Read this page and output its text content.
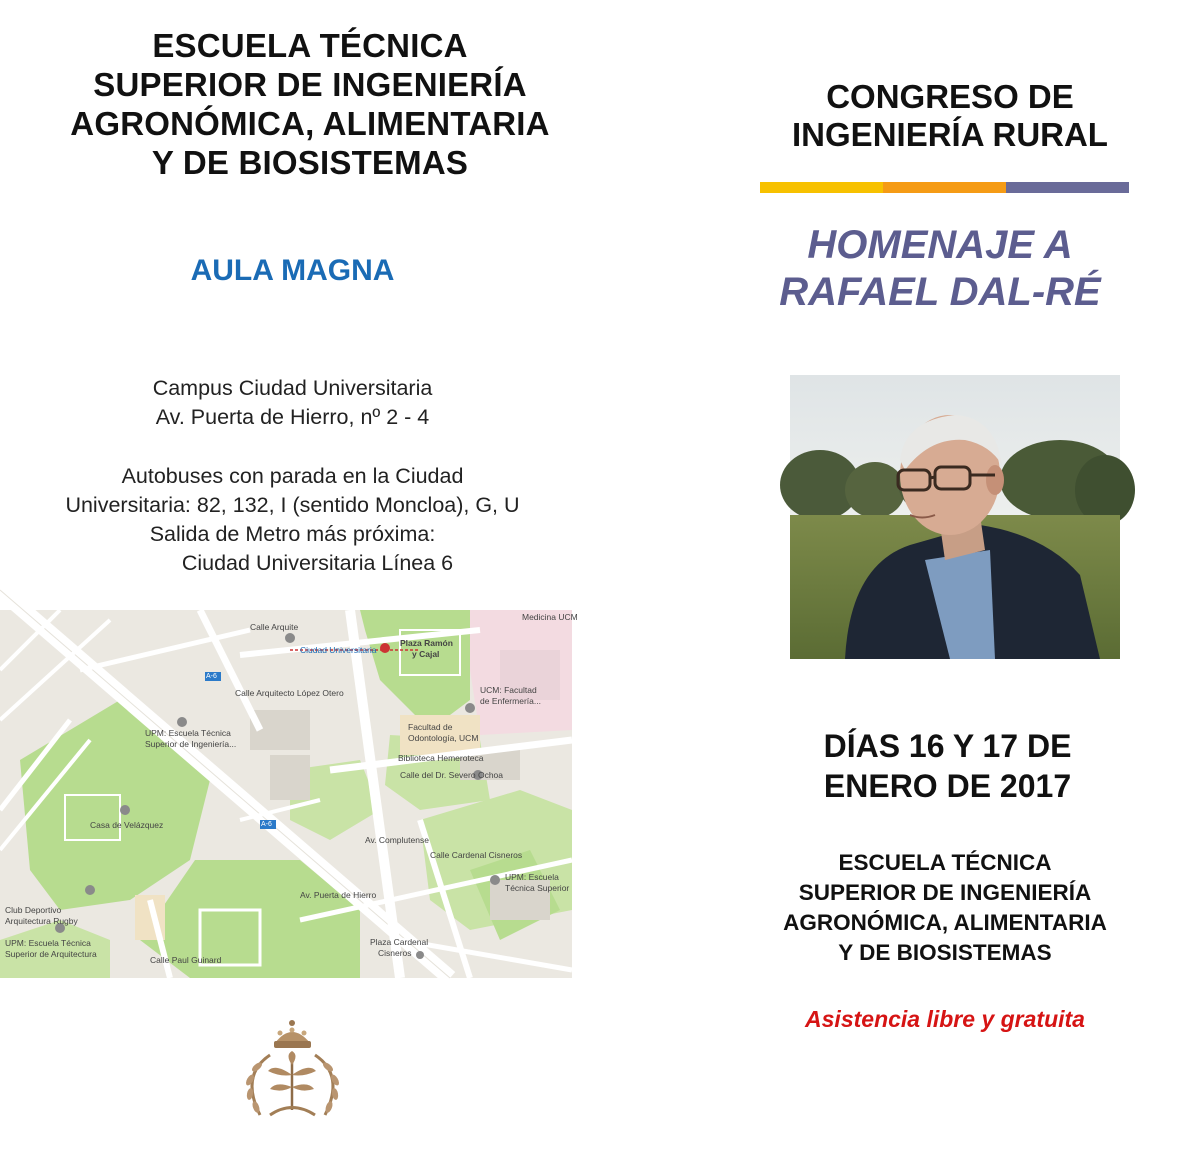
ESCUELA TÉCNICA
SUPERIOR DE INGENIERÍA
AGRONÓMICA, ALIMENTARIA
Y DE BIOSISTEMAS
AULA MAGNA
Campus Ciudad Universitaria
Av. Puerta de Hierro, nº 2 - 4
Autobuses con parada en la Ciudad
Universitaria: 82, 132, I (sentido Moncloa), G, U
Salida de Metro más próxima:
Ciudad Universitaria Línea 6
Medicina UCM
Plaza Ramón
y Cajal
Ciudad Universitaria
Calle Arquite
Calle Arquitecto López Otero	UCM: Facultad
de Enfermería...
A-6
UPM: Escuela Técnica
Superior de Ingeniería...
Facultad de
Odontología, UCM
Biblioteca Hemeroteca
Calle del Dr. Severo Ochoa
Casa de Velázquez	A-6
Av. Complutense
Calle Cardenal Cisneros
UPM: Escuela
Técnica Superior
Av. Puerta de Hierro
Club Deportivo
Arquitectura Rugby
UPM: Escuela Técnica
Superior de Arquitectura
Calle Paul Guinard
Plaza Cardenal
Cisneros
CONGRESO DE
INGENIERÍA RURAL
HOMENAJE A
RAFAEL DAL-RÉ
DÍAS 16 Y 17 DE
ENERO DE 2017
ESCUELA TÉCNICA
SUPERIOR DE INGENIERÍA
AGRONÓMICA, ALIMENTARIA
Y DE BIOSISTEMAS
Asistencia libre y gratuita
